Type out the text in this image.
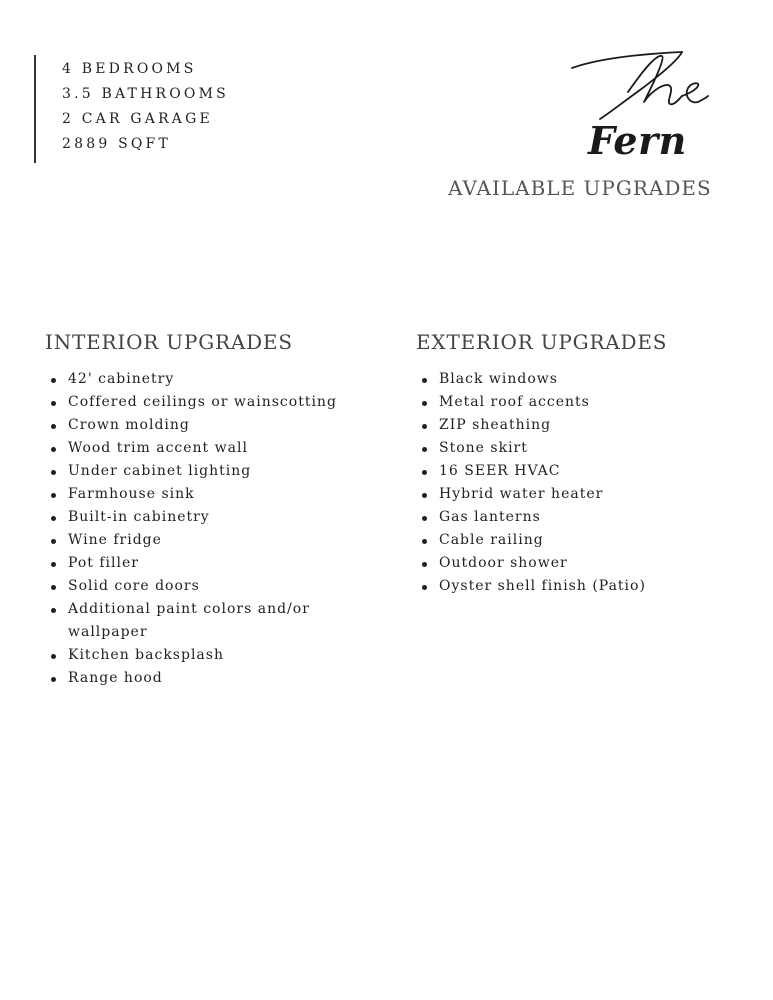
4 BEDROOMS
3.5 BATHROOMS
2 CAR GARAGE
2889 SQFT	Fern
AVAILABLE UPGRADES
INTERIOR UPGRADES
42' cabinetry
Coffered ceilings or wainscotting
Crown molding
Wood trim accent wall
Under cabinet lighting
Farmhouse sink
Built-in cabinetry
Wine fridge
Pot filler
Solid core doors
Additional paint colors and/or wallpaper
Kitchen backsplash
Range hood
EXTERIOR UPGRADES
Black windows
Metal roof accents
ZIP sheathing
Stone skirt
16 SEER HVAC
Hybrid water heater
Gas lanterns
Cable railing
Outdoor shower
Oyster shell finish (Patio)
